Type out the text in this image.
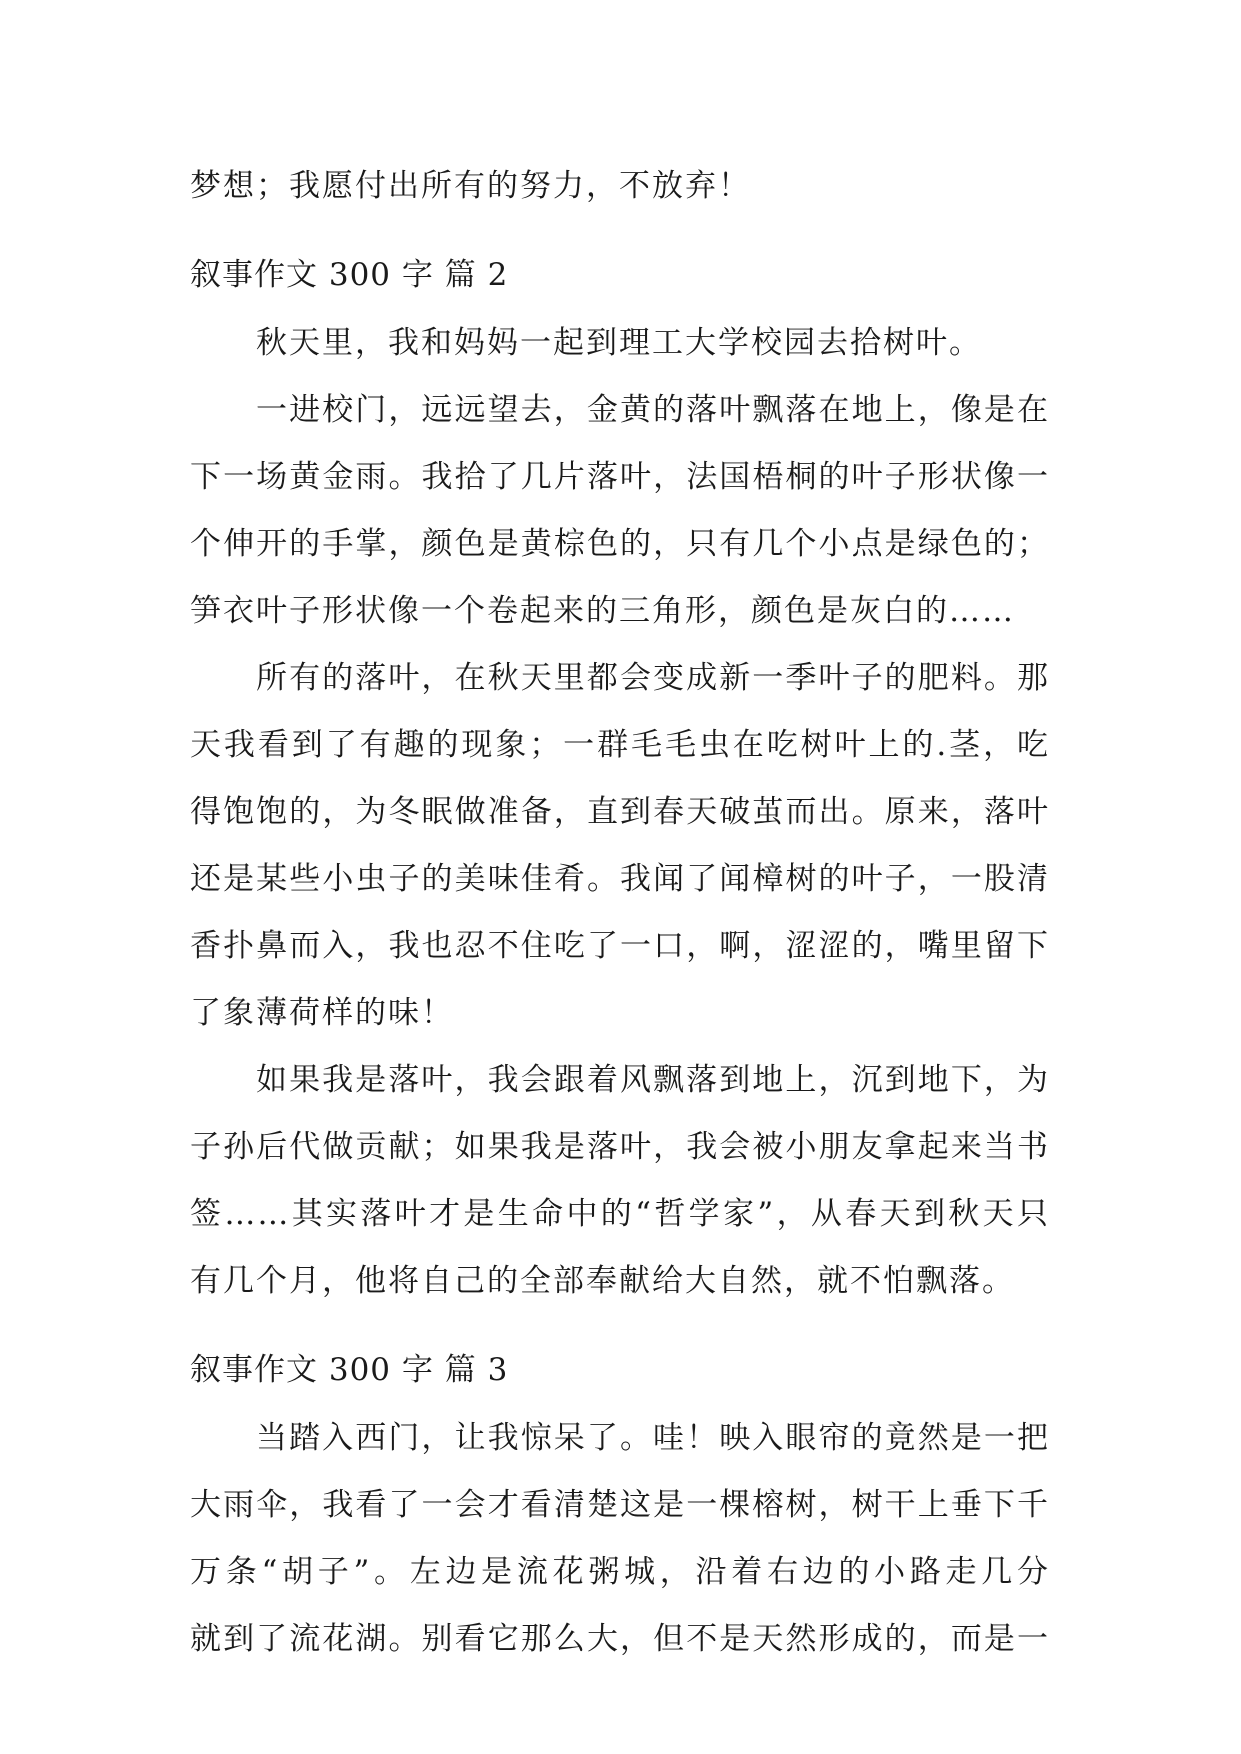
梦想；我愿付出所有的努力，不放弃！
叙事作文 300 字 篇 2
秋天里，我和妈妈一起到理工大学校园去拾树叶。
一进校门，远远望去，金黄的落叶飘落在地上，像是在
下一场黄金雨。我拾了几片落叶，法国梧桐的叶子形状像一
个伸开的手掌，颜色是黄棕色的，只有几个小点是绿色的；
笋衣叶子形状像一个卷起来的三角形，颜色是灰白的……
所有的落叶，在秋天里都会变成新一季叶子的肥料。那
天我看到了有趣的现象；一群毛毛虫在吃树叶上的.茎，吃
得饱饱的，为冬眠做准备，直到春天破茧而出。原来，落叶
还是某些小虫子的美味佳肴。我闻了闻樟树的叶子，一股清
香扑鼻而入，我也忍不住吃了一口，啊，涩涩的，嘴里留下
了象薄荷样的味！
如果我是落叶，我会跟着风飘落到地上，沉到地下，为
子孙后代做贡献；如果我是落叶，我会被小朋友拿起来当书
签……其实落叶才是生命中的“哲学家”，从春天到秋天只
有几个月，他将自己的全部奉献给大自然，就不怕飘落。
叙事作文 300 字 篇 3
当踏入西门，让我惊呆了。哇！映入眼帘的竟然是一把
大雨伞，我看了一会才看清楚这是一棵榕树，树干上垂下千
万条“胡子”。左边是流花粥城，沿着右边的小路走几分
就到了流花湖。别看它那么大，但不是天然形成的，而是一
